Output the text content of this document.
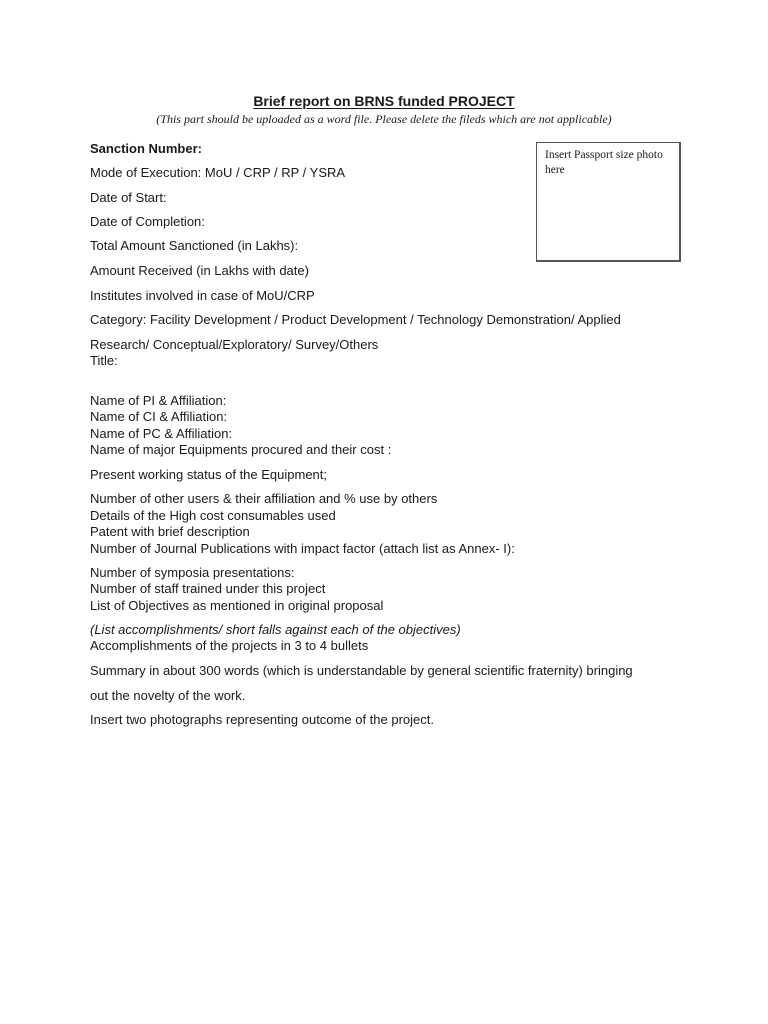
Brief report on BRNS funded PROJECT
(This part should be uploaded as a word file. Please delete the fileds which are not applicable)
Insert Passport size photo here
Sanction Number:
Mode of Execution: MoU / CRP / RP / YSRA
Date of Start:
Date of Completion:
Total Amount Sanctioned (in Lakhs):
Amount Received (in Lakhs with date)
Institutes involved in case of MoU/CRP
Category: Facility Development / Product Development / Technology Demonstration/ Applied
Research/ Conceptual/Exploratory/ Survey/Others
Title:
Name of PI & Affiliation:
Name of CI & Affiliation:
Name of PC & Affiliation:
Name of major Equipments procured and their cost :
Present working status of the Equipment;
Number of other users & their affiliation and % use by others
Details of the High cost consumables used
Patent with brief description
Number of Journal Publications with impact factor (attach list as Annex- I):
Number of symposia presentations:
Number of staff trained under this project
List of Objectives as mentioned in original proposal
(List accomplishments/ short falls against each of the objectives)
Accomplishments of the projects in 3 to 4 bullets
Summary in about 300 words (which is understandable by general scientific fraternity) bringing
out the novelty of the work.
Insert two photographs representing outcome of the project.
